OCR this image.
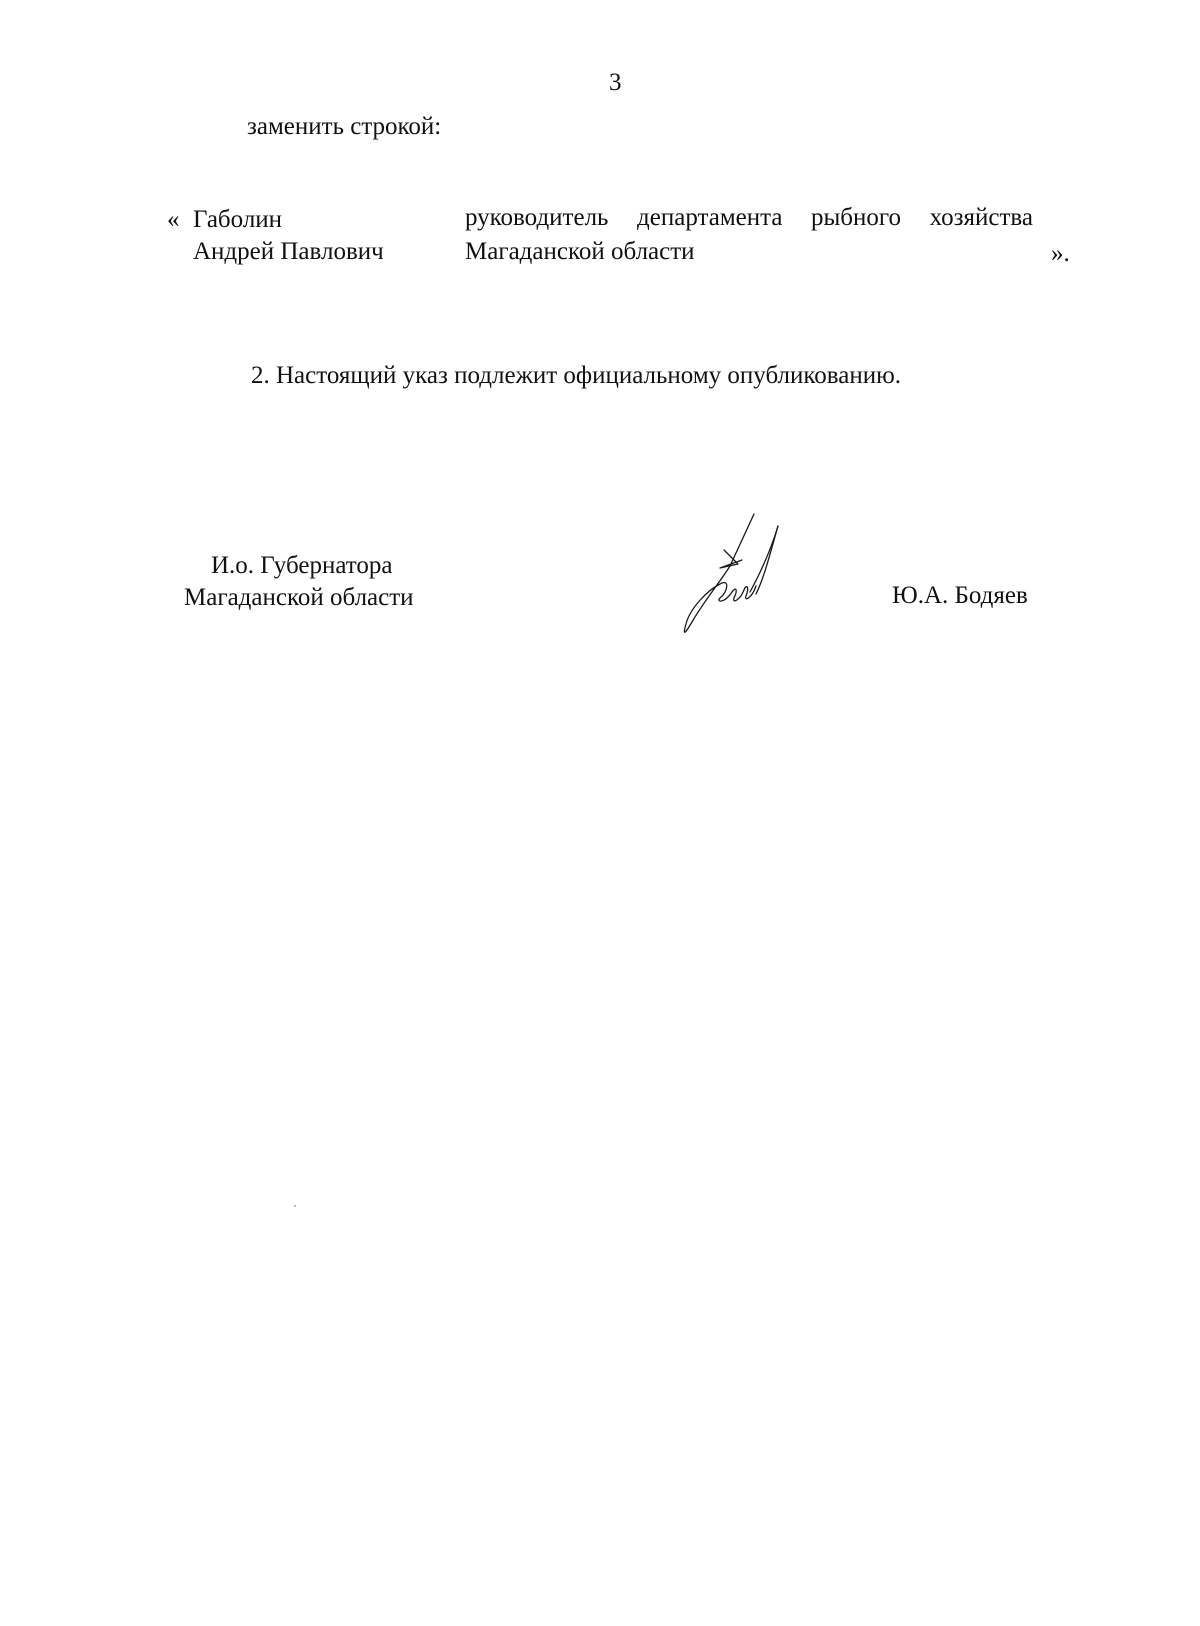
3
заменить строкой:
« Габолин
Андрей Павлович
руководитель департамента рыбного хозяйства
Магаданской области	».
2. Настоящий указ подлежит официальному опубликованию.
И.о. Губернатора
Магаданской области	Ю.А. Бодяев
